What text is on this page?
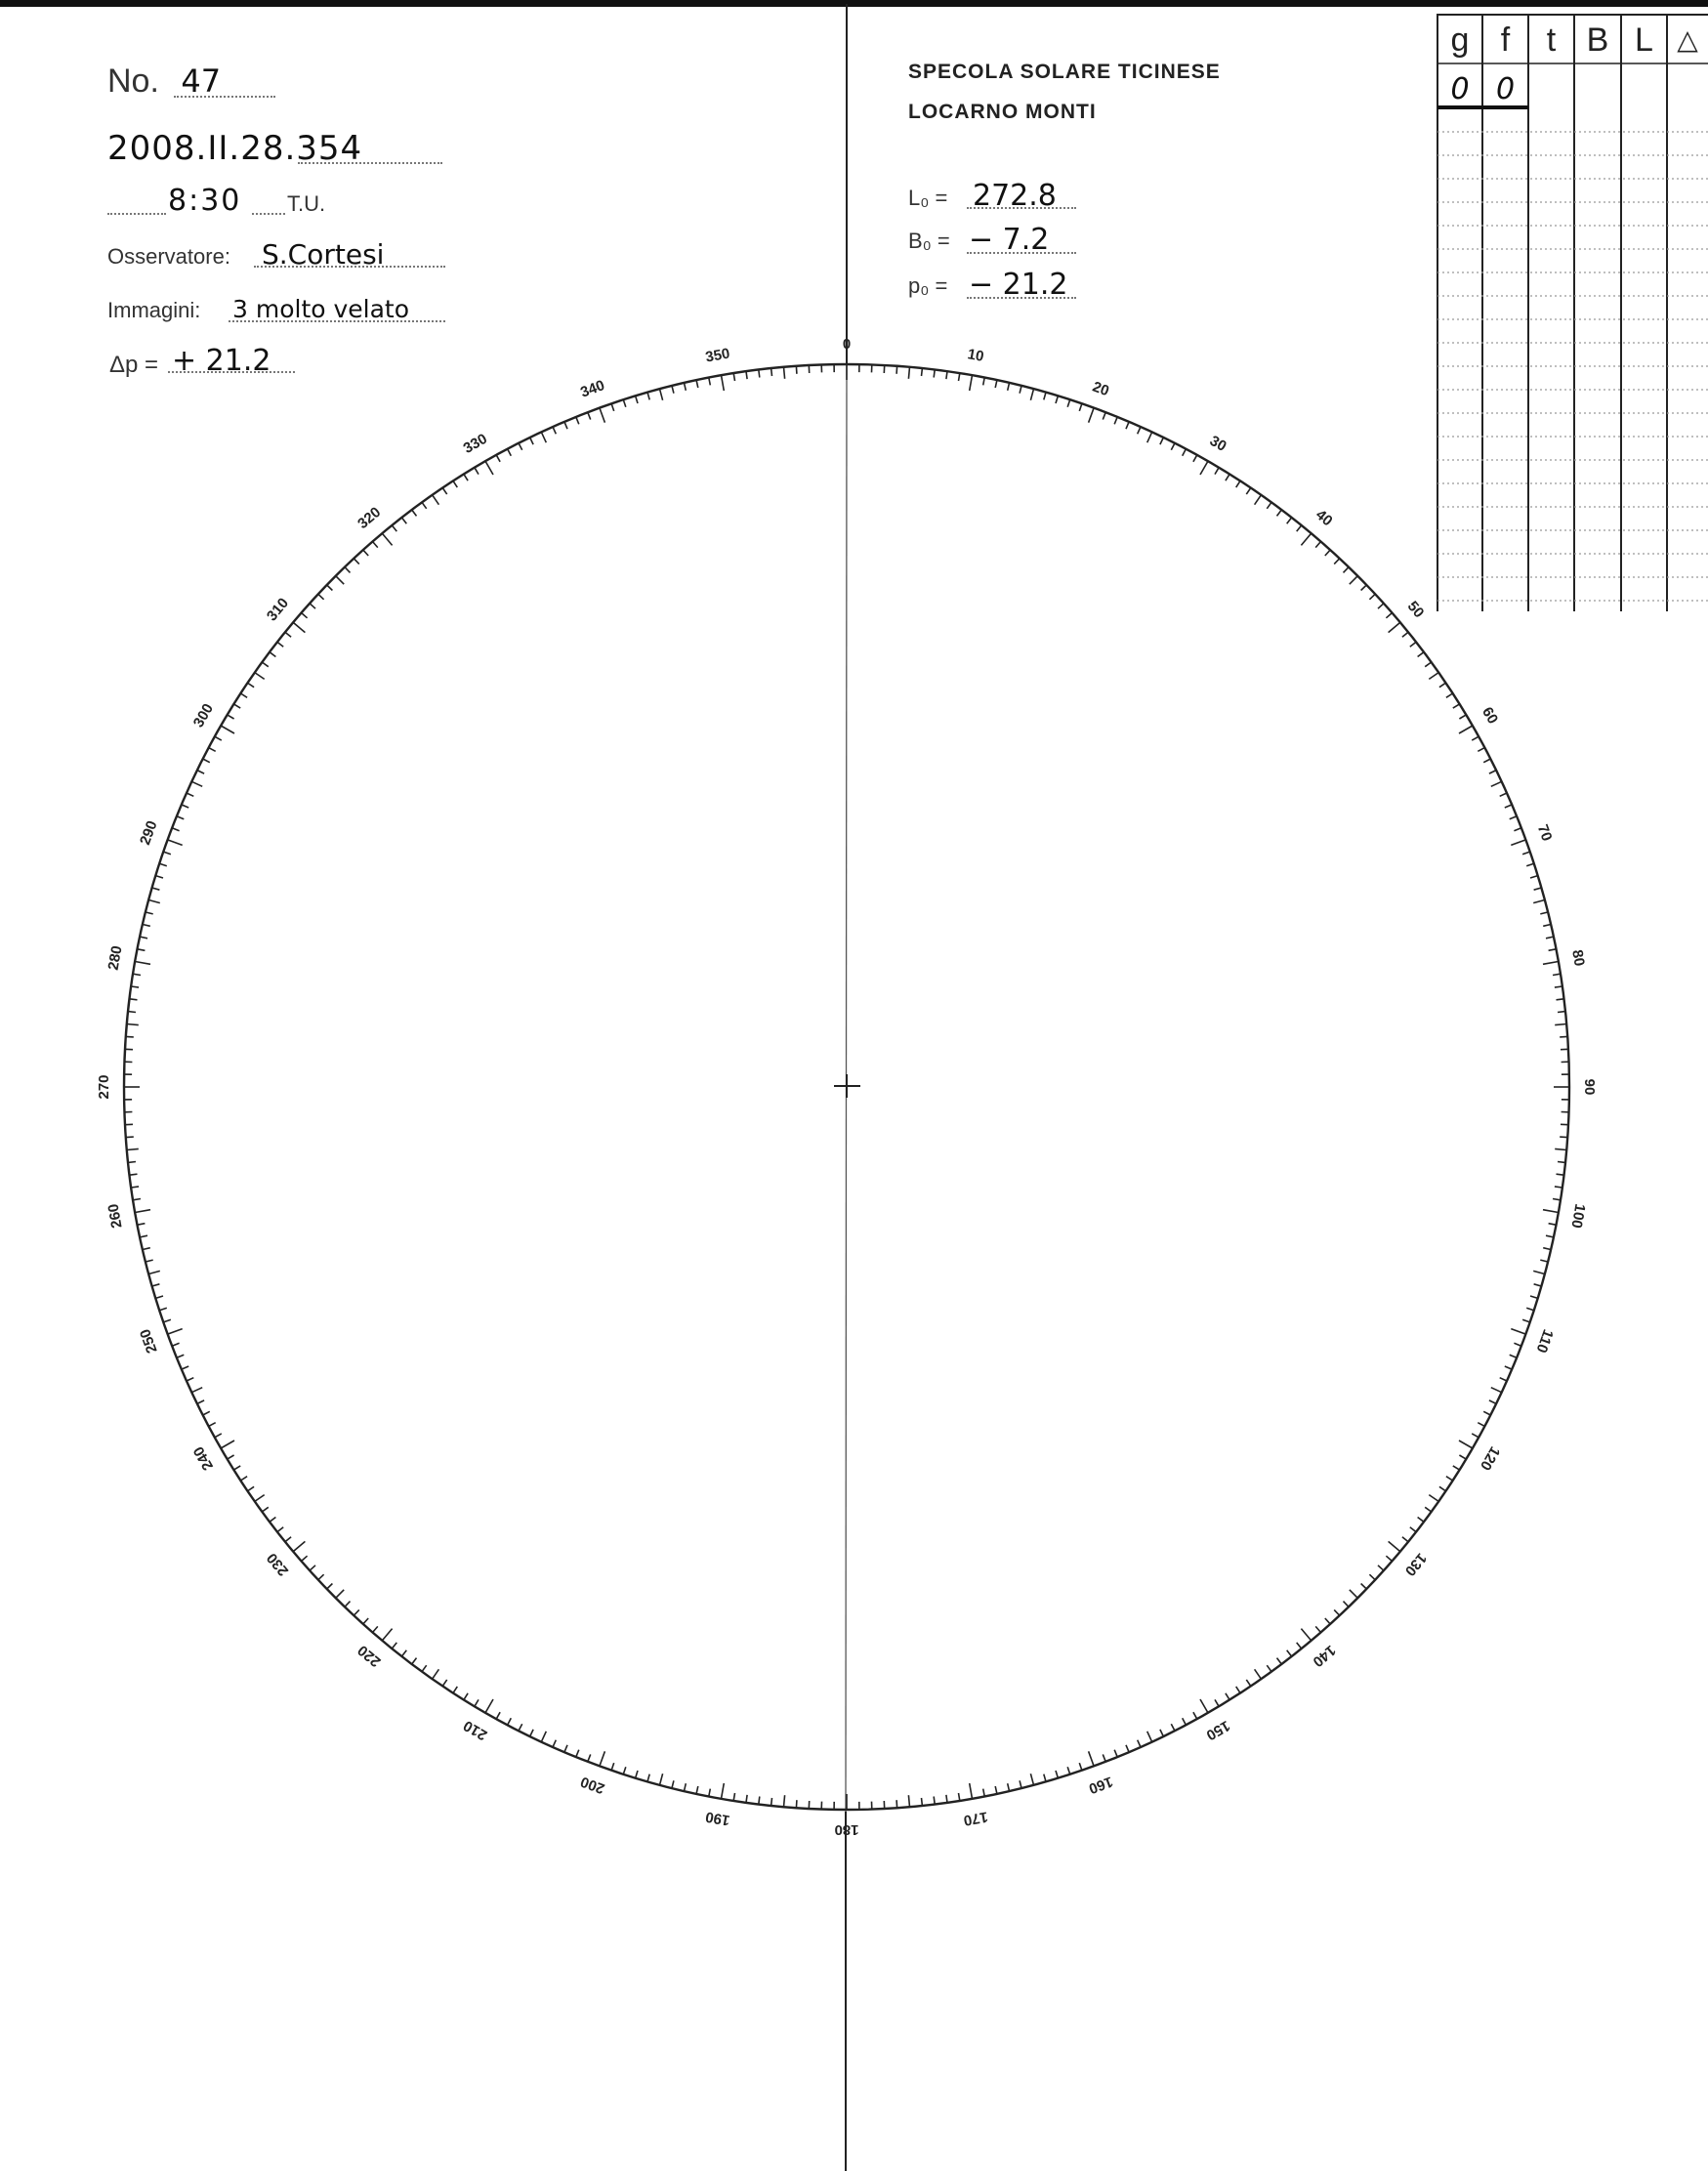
No. 47
2008.II.28.354
8:30 T.U.
Osservatore: S.Cortesi
Immagini: 3 molto velato
Δp = + 21.2
SPECOLA SOLARE TICINESE
LOCARNO MONTI
L₀ = 272.8
B₀ = − 7.2
p₀ = − 21.2
g f	t B L △
0 0
0
10
20
30
40
50
60
70
80
90
100
110
120
130
140
150
160
170
180
190
200
210
220
230
240
250
260
270
280
290
300
310
320
330
340
350
